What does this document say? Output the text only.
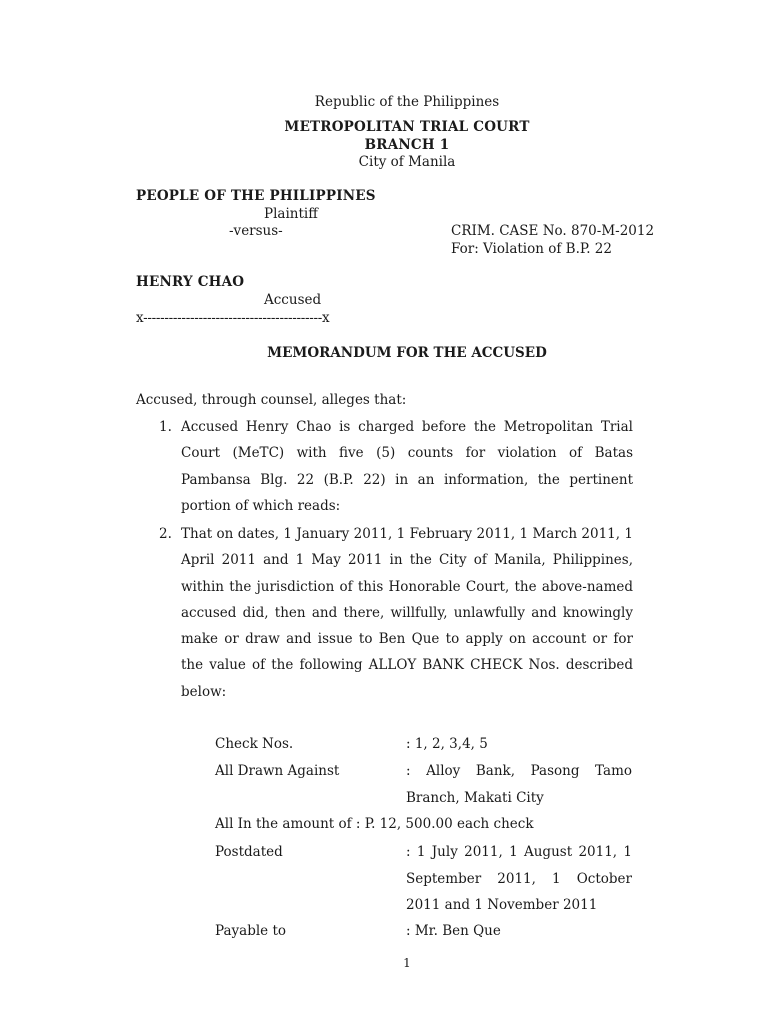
Republic of the Philippines
METROPOLITAN TRIAL COURT
BRANCH 1
City of Manila
PEOPLE OF THE PHILIPPINES
Plaintiff
-versus-	CRIM. CASE No. 870-M-2012
For: Violation of B.P. 22
HENRY CHAO
Accused
x------------------------------------------x
MEMORANDUM FOR THE ACCUSED
Accused, through counsel, alleges that:
1. Accused Henry Chao is charged before the Metropolitan Trial Court (MeTC) with five (5) counts for violation of Batas Pambansa Blg. 22 (B.P. 22) in an information, the pertinent portion of which reads:
2. That on dates, 1 January 2011, 1 February 2011, 1 March 2011, 1 April 2011 and 1 May 2011 in the City of Manila, Philippines, within the jurisdiction of this Honorable Court, the above-named accused did, then and there, willfully, unlawfully and knowingly make or draw and issue to Ben Que to apply on account or for the value of the following ALLOY BANK CHECK Nos. described below:
Check Nos.	: 1, 2, 3,4, 5
All Drawn Against	: Alloy Bank, Pasong Tamo Branch, Makati City
All In the amount of : P. 12, 500.00 each check
Postdated	: 1 July 2011, 1 August 2011, 1 September 2011, 1 October 2011 and 1 November 2011
Payable to	: Mr. Ben Que
1
